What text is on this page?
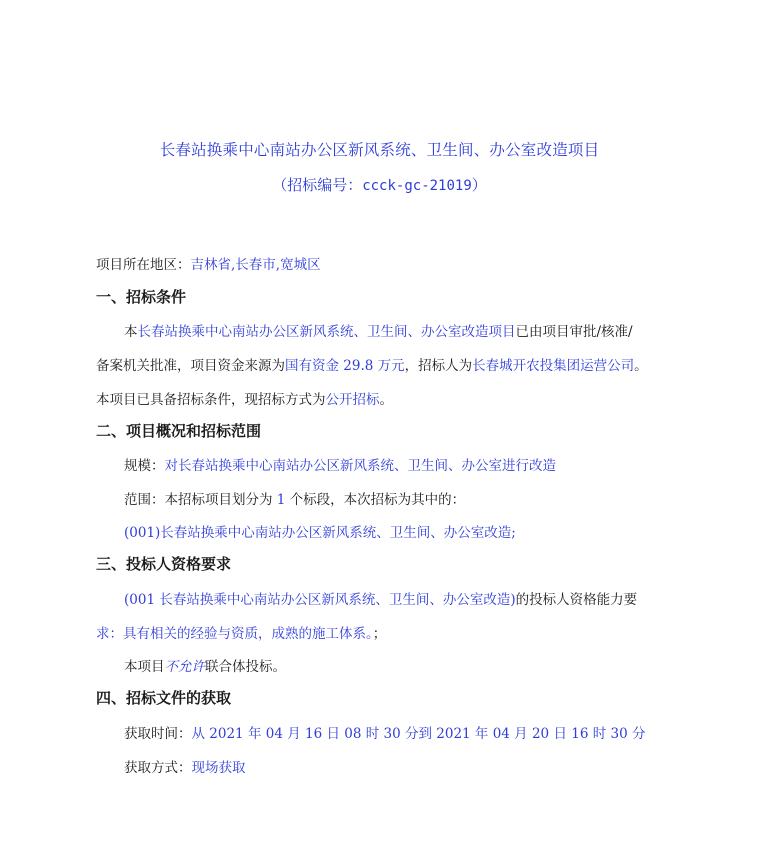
长春站换乘中心南站办公区新风系统、卫生间、办公室改造项目
（招标编号：ccck-gc-21019）
项目所在地区：吉林省,长春市,宽城区
一、招标条件
本长春站换乘中心南站办公区新风系统、卫生间、办公室改造项目已由项目审批/核准/
备案机关批准，项目资金来源为国有资金 29.8 万元，招标人为长春城开农投集团运营公司。
本项目已具备招标条件，现招标方式为公开招标。
二、项目概况和招标范围
规模：对长春站换乘中心南站办公区新风系统、卫生间、办公室进行改造
范围：本招标项目划分为 1 个标段，本次招标为其中的：
(001)长春站换乘中心南站办公区新风系统、卫生间、办公室改造;
三、投标人资格要求
(001 长春站换乘中心南站办公区新风系统、卫生间、办公室改造)的投标人资格能力要
求：具有相关的经验与资质，成熟的施工体系。；
本项目不允许联合体投标。
四、招标文件的获取
获取时间：从 2021 年 04 月 16 日 08 时 30 分到 2021 年 04 月 20 日 16 时 30 分
获取方式：现场获取
